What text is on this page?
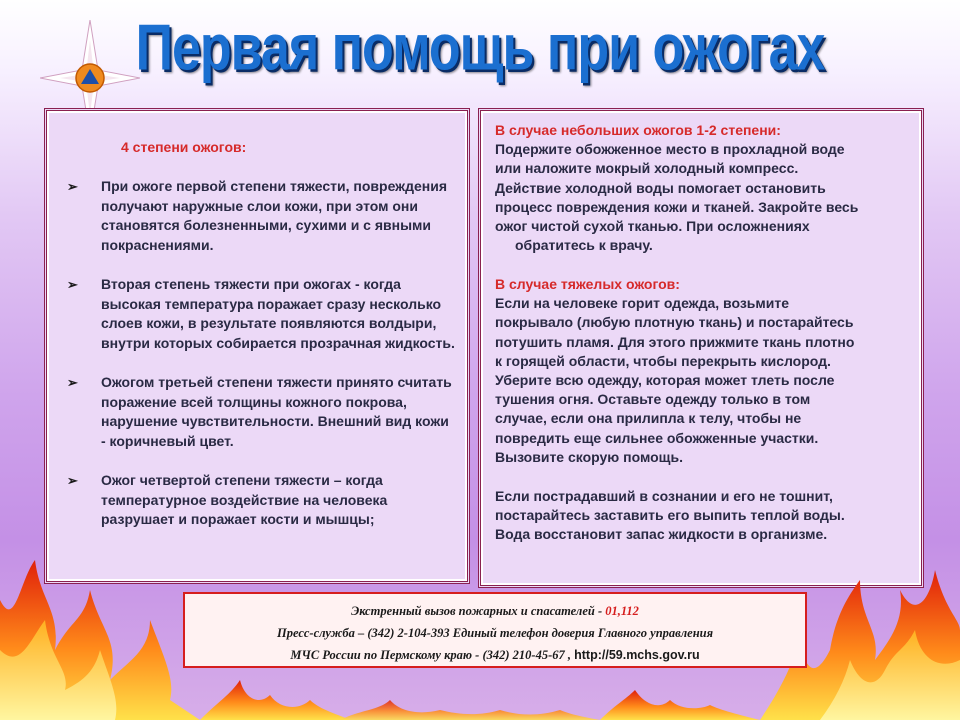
Первая помощь при ожогах
4 степени ожогов:
➢ При ожоге первой степени тяжести, повреждения получают наружные слои кожи, при этом они становятся болезненными, сухими и с явными покраснениями.
➢ Вторая степень тяжести при ожогах - когда высокая температура поражает сразу несколько слоев кожи, в результате появляются волдыри, внутри которых собирается прозрачная жидкость.
➢ Ожогом третьей степени тяжести принято считать поражение всей толщины кожного покрова, нарушение чувствительности. Внешний вид кожи - коричневый цвет.
➢ Ожог четвертой степени тяжести – когда температурное воздействие на человека разрушает и поражает кости и мышцы;
В случае небольших ожогов 1-2 степени:
Подержите обожженное место в прохладной воде
или наложите мокрый холодный компресс.
Действие холодной воды помогает остановить
процесс повреждения кожи и тканей. Закройте весь
ожог чистой сухой тканью. При осложнениях
обратитесь к врачу.
В случае тяжелых ожогов:
Если на человеке горит одежда, возьмите
покрывало (любую плотную ткань) и постарайтесь
потушить пламя. Для этого прижмите ткань плотно
к горящей области, чтобы перекрыть кислород.
Уберите всю одежду, которая может тлеть после
тушения огня. Оставьте одежду только в том
случае, если она прилипла к телу, чтобы не
повредить еще сильнее обожженные участки.
Вызовите скорую помощь.
Если пострадавший в сознании и его не тошнит,
постарайтесь заставить его выпить теплой воды.
Вода восстановит запас жидкости в организме.
Экстренный вызов пожарных и спасателей - 01,112
Пресс-служба – (342) 2-104-393 Единый телефон доверия Главного управления
МЧС России по Пермскому краю - (342) 210-45-67 , http://59.mchs.gov.ru
